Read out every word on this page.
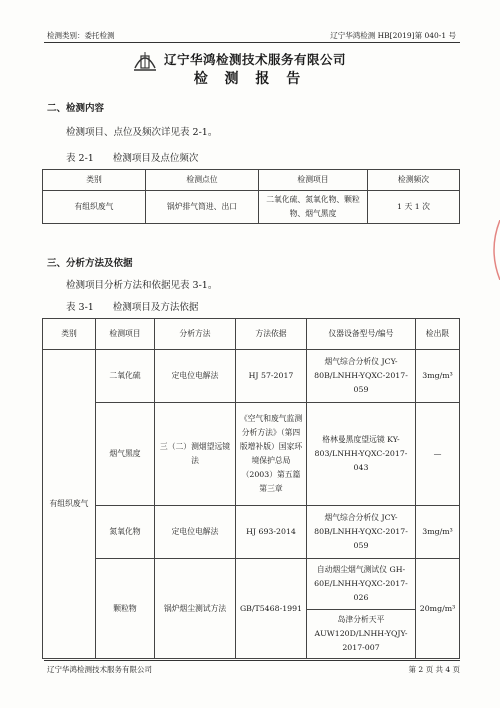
检测类别：委托检测	辽宁华鸿检测 HB[2019]第 040-1 号
辽宁华鸿检测技术服务有限公司
检 测 报 告
二、检测内容
检测项目、点位及频次详见表 2-1。
表 2-1　　检测项目及点位频次
类别	检测点位	检测项目	检测频次
有组织废气	锅炉排气筒进、出口	二氧化硫、氮氧化物、颗粒物、烟气黑度	1 天 1 次
三、分析方法及依据
检测项目分析方法和依据见表 3-1。
表 3-1　　检测项目及方法依据
类别	检测项目	分析方法	方法依据	仪器设备型号/编号	检出限
有组织废气	二氧化硫	定电位电解法	HJ 57-2017	烟气综合分析仪 JCY-80B/LNHH-YQXC-2017-059	3mg/m³
	烟气黑度	三（二）测烟望远镜法	《空气和废气监测分析方法》（第四版增补版）国家环境保护总局（2003）第五篇第三章	格林曼黑度望远镜 KY-803/LNHH-YQXC-2017-043	—
	氮氧化物	定电位电解法	HJ 693-2014	烟气综合分析仪 JCY-80B/LNHH-YQXC-2017-059	3mg/m³
	颗粒物	锅炉烟尘测试方法	GB/T5468-1991	自动烟尘烟气测试仪 GH-60E/LNHH-YQXC-2017-026	20mg/m³
				岛津分析天平 AUW120D/LNHH-YQJY-2017-007	
辽宁华鸿检测技术服务有限公司	第 2 页 共 4 页
